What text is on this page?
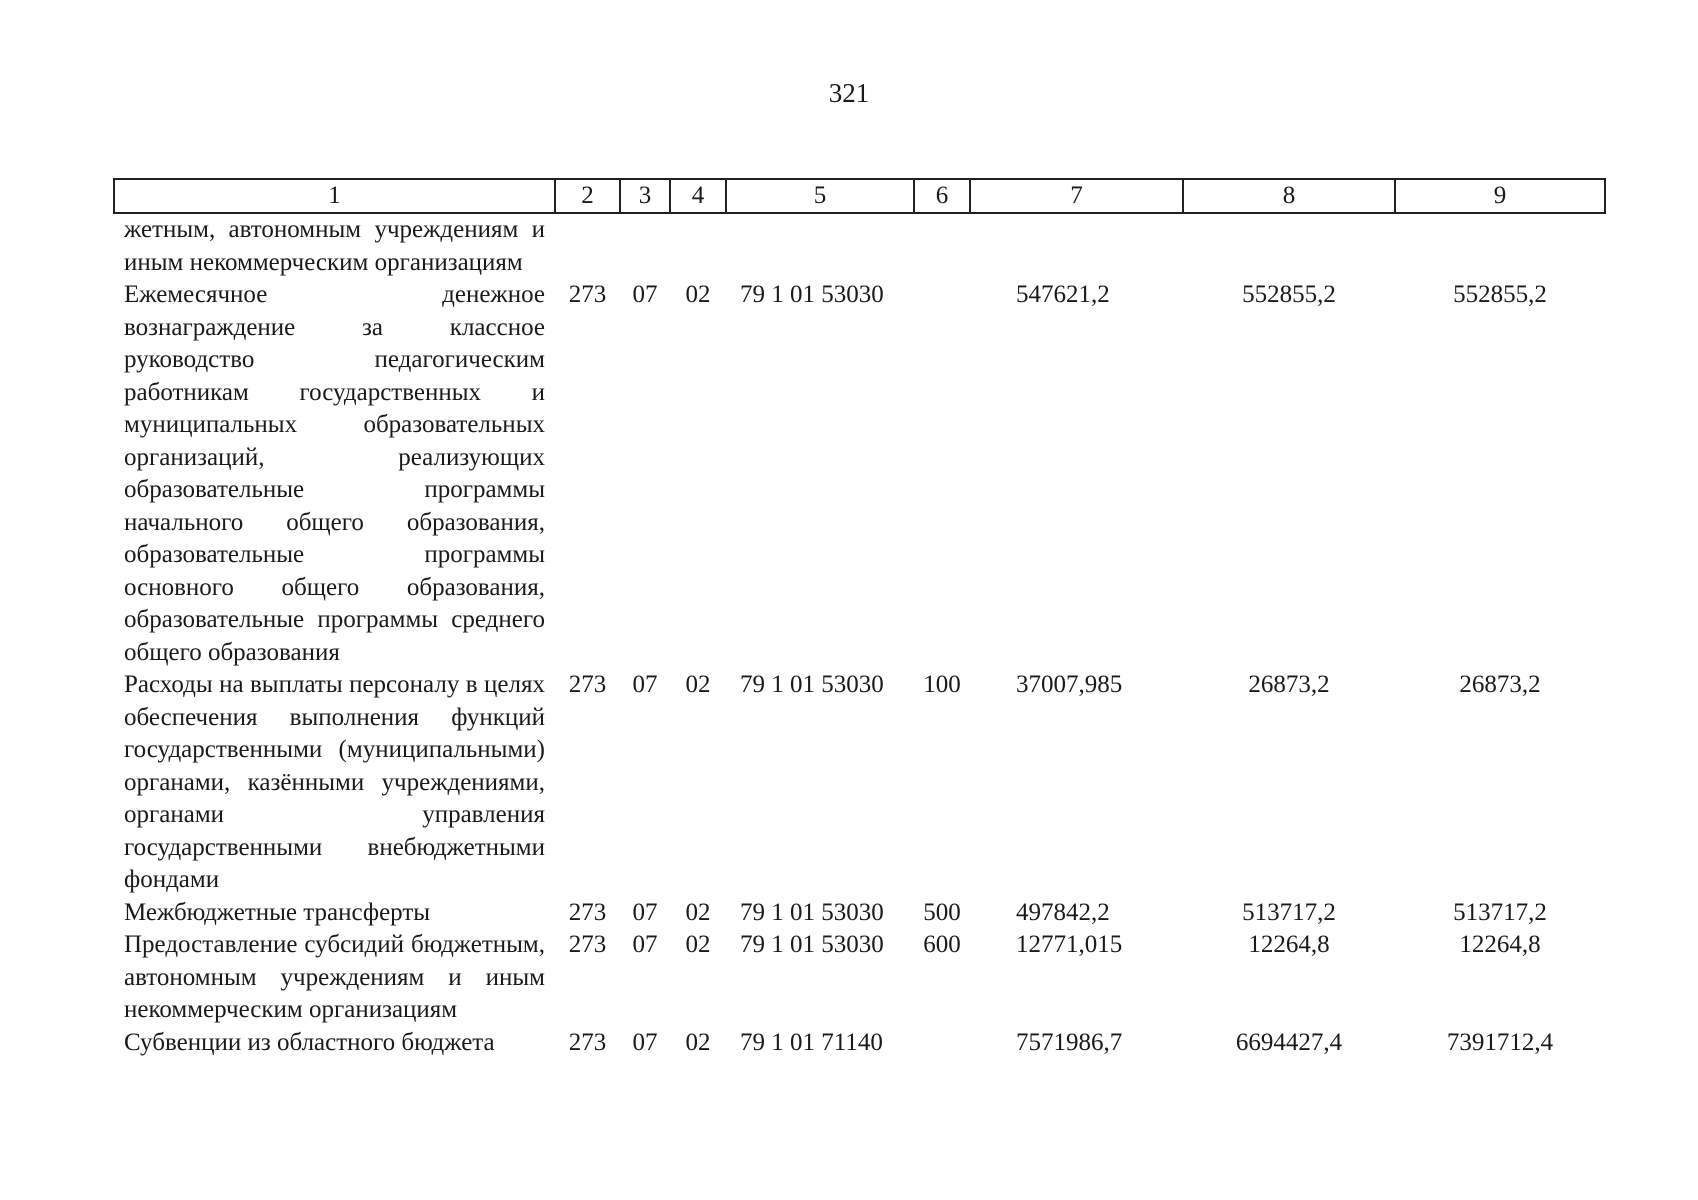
321
1	2	3	4	5	6	7	8	9
жетным, автономным учреждениям и иным некоммерческим организациям								
Ежемесячное денежное вознаграждение за классное руководство педагогическим работникам государственных и муниципальных образовательных организаций, реализующих образовательные программы начального общего образования, образовательные программы основного общего образования, образовательные программы среднего общего образования	273	07	02	79 1 01 53030		547621,2	552855,2	552855,2
Расходы на выплаты персоналу в целях обеспечения выполнения функций государственными (муниципальными) органами, казёнными учреждениями, органами управления государственными внебюджетными фондами	273	07	02	79 1 01 53030	100	37007,985	26873,2	26873,2
Межбюджетные трансферты	273	07	02	79 1 01 53030	500	497842,2	513717,2	513717,2
Предоставление субсидий бюджетным, автономным учреждениям и иным некоммерческим организациям	273	07	02	79 1 01 53030	600	12771,015	12264,8	12264,8
Субвенции из областного бюджета	273	07	02	79 1 01 71140		7571986,7	6694427,4	7391712,4
